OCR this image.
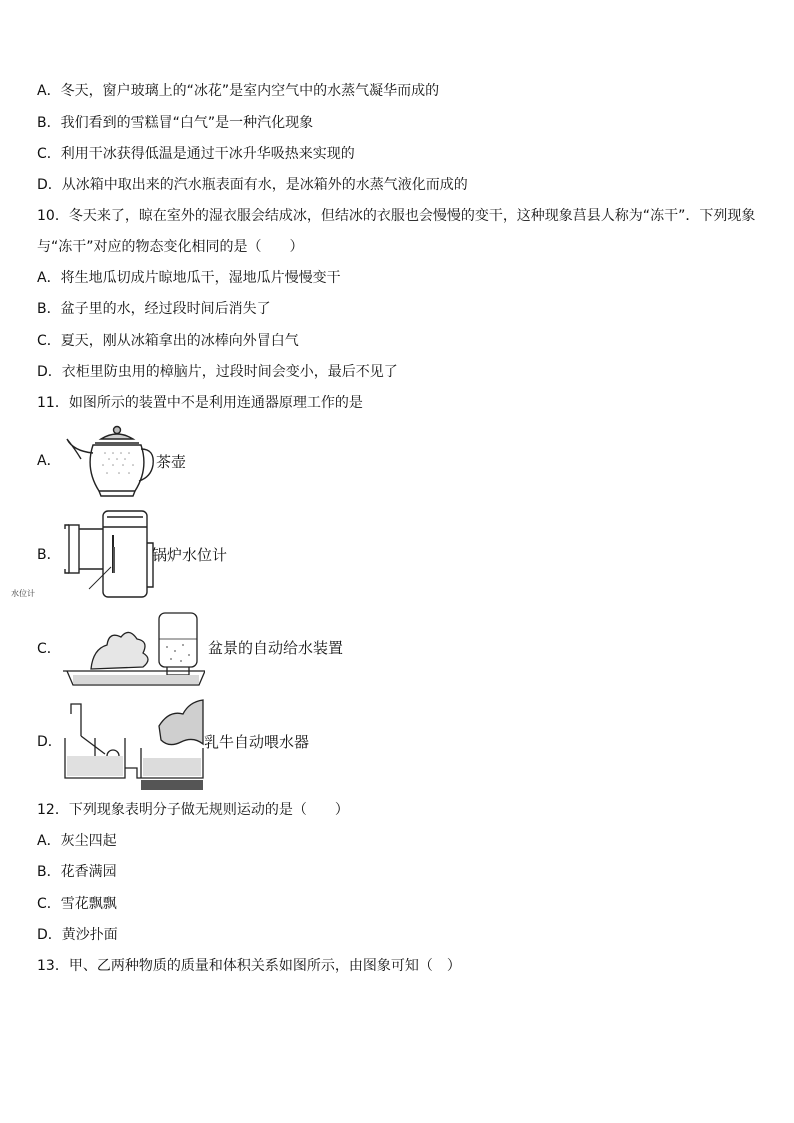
A．冬天，窗户玻璃上的“冰花”是室内空气中的水蒸气凝华而成的
B．我们看到的雪糕冒“白气”是一种汽化现象
C．利用干冰获得低温是通过干冰升华吸热来实现的
D．从冰箱中取出来的汽水瓶表面有水，是冰箱外的水蒸气液化而成的
10．冬天来了，晾在室外的湿衣服会结成冰，但结冰的衣服也会慢慢的变干，这种现象莒县人称为“冻干”．下列现象
与“冻干”对应的物态变化相同的是（　　）
A．将生地瓜切成片晾地瓜干，湿地瓜片慢慢变干
B．盆子里的水，经过段时间后消失了
C．夏天，刚从冰箱拿出的冰棒向外冒白气
D．衣柜里防虫用的樟脑片，过段时间会变小，最后不见了
11．如图所示的装置中不是利用连通器原理工作的是
A．	茶壶
B．
水位计
锅炉水位计
C．	盆景的自动给水装置
D．	乳牛自动喂水器
12．下列现象表明分子做无规则运动的是（　　）
A．灰尘四起
B．花香满园
C．雪花飘飘
D．黄沙扑面
13．甲、乙两种物质的质量和体积关系如图所示，由图象可知（　）
